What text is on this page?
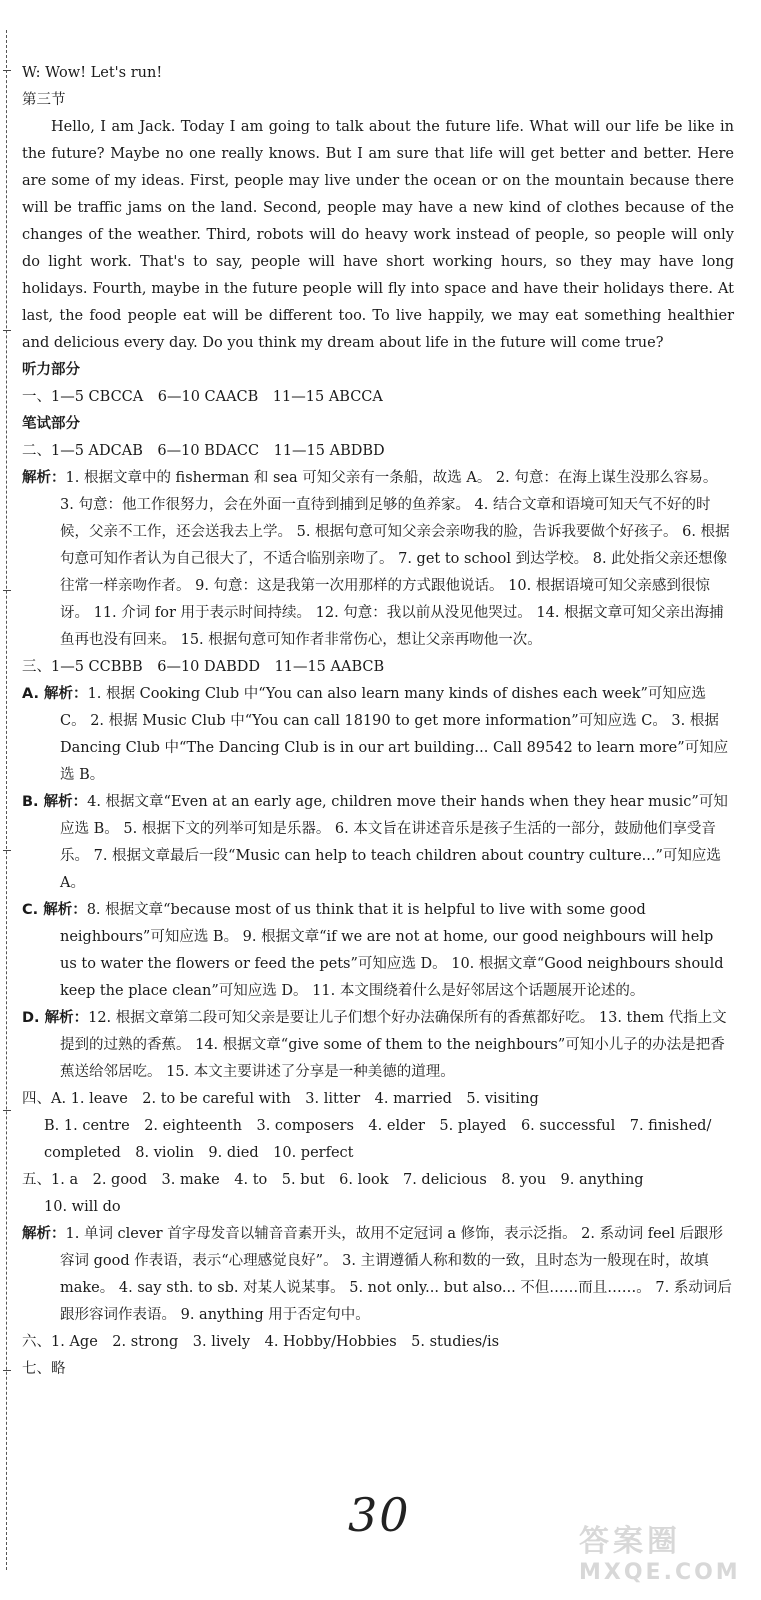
W: Wow! Let's run!
第三节

Hello, I am Jack. Today I am going to talk about the future life. What will our life be like in the future? Maybe no one really knows. But I am sure that life will get better and better. Here are some of my ideas. First, people may live under the ocean or on the mountain because there will be traffic jams on the land. Second, people may have a new kind of clothes because of the changes of the weather. Third, robots will do heavy work instead of people, so people will only do light work. That's to say, people will have short working hours, so they may have long holidays. Fourth, maybe in the future people will fly into space and have their holidays there. At last, the food people eat will be different too. To live happily, we may eat something healthier and delicious every day. Do you think my dream about life in the future will come true?

听力部分
一、1—5 CBCCA　6—10 CAACB　11—15 ABCCA
笔试部分
二、1—5 ADCAB　6—10 BDACC　11—15 ABDBD
解析：1. 根据文章中的 fisherman 和 sea 可知父亲有一条船，故选 A。 2. 句意：在海上谋生没那么容易。 3. 句意：他工作很努力，会在外面一直待到捕到足够的鱼养家。 4. 结合文章和语境可知天气不好的时候，父亲不工作，还会送我去上学。 5. 根据句意可知父亲会亲吻我的脸，告诉我要做个好孩子。 6. 根据句意可知作者认为自己很大了，不适合临别亲吻了。 7. get to school 到达学校。 8. 此处指父亲还想像往常一样亲吻作者。 9. 句意：这是我第一次用那样的方式跟他说话。 10. 根据语境可知父亲感到很惊讶。 11. 介词 for 用于表示时间持续。 12. 句意：我以前从没见他哭过。 14. 根据文章可知父亲出海捕鱼再也没有回来。 15. 根据句意可知作者非常伤心，想让父亲再吻他一次。
三、1—5 CCBBB　6—10 DABDD　11—15 AABCB
A. 解析：1. 根据 Cooking Club 中“You can also learn many kinds of dishes each week”可知应选 C。 2. 根据 Music Club 中“You can call 18190 to get more information”可知应选 C。 3. 根据 Dancing Club 中“The Dancing Club is in our art building... Call 89542 to learn more”可知应选 B。
B. 解析：4. 根据文章“Even at an early age, children move their hands when they hear music”可知应选 B。 5. 根据下文的列举可知是乐器。 6. 本文旨在讲述音乐是孩子生活的一部分，鼓励他们享受音乐。 7. 根据文章最后一段“Music can help to teach children about country culture...”可知应选 A。
C. 解析：8. 根据文章“because most of us think that it is helpful to live with some good neighbours”可知应选 B。 9. 根据文章“if we are not at home, our good neighbours will help us to water the flowers or feed the pets”可知应选 D。 10. 根据文章“Good neighbours should keep the place clean”可知应选 D。 11. 本文围绕着什么是好邻居这个话题展开论述的。
D. 解析：12. 根据文章第二段可知父亲是要让儿子们想个好办法确保所有的香蕉都好吃。 13. them 代指上文提到的过熟的香蕉。 14. 根据文章“give some of them to the neighbours”可知小儿子的办法是把香蕉送给邻居吃。 15. 本文主要讲述了分享是一种美德的道理。
四、A. 1. leave　2. to be careful with　3. litter　4. married　5. visiting
B. 1. centre　2. eighteenth　3. composers　4. elder　5. played　6. successful　7. finished/
completed　8. violin　9. died　10. perfect
五、1. a　2. good　3. make　4. to　5. but　6. look　7. delicious　8. you　9. anything
10. will do
解析：1. 单词 clever 首字母发音以辅音音素开头，故用不定冠词 a 修饰，表示泛指。 2. 系动词 feel 后跟形容词 good 作表语，表示“心理感觉良好”。 3. 主谓遵循人称和数的一致，且时态为一般现在时，故填 make。 4. say sth. to sb. 对某人说某事。 5. not only... but also... 不但……而且……。 7. 系动词后跟形容词作表语。 9. anything 用于否定句中。
六、1. Age　2. strong　3. lively　4. Hobby/Hobbies　5. studies/is
七、略
30	答案圈
MXQE.COM
